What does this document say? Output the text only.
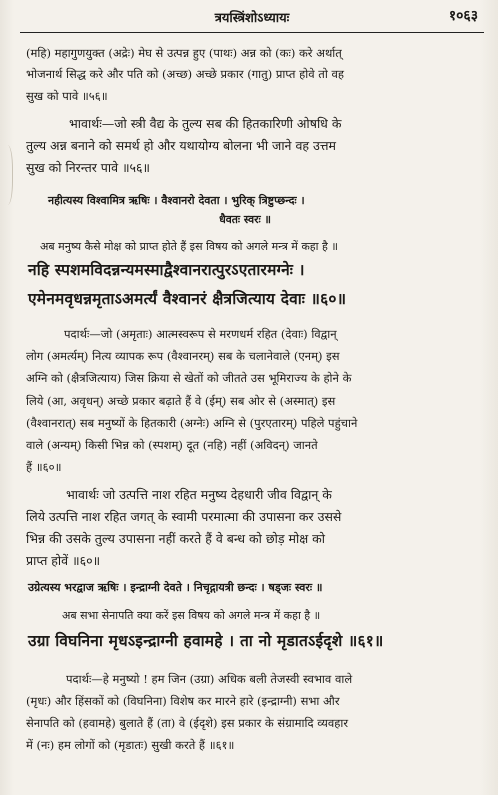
त्रयस्त्रिंशोऽध्यायः	१०६३
(महि) महागुणयुक्त (अद्रेः) मेघ से उत्पन्न हुए (पाथः) अन्न को (कः) करे अर्थात्
भोजनार्थ सिद्ध करे और पति को (अच्छ) अच्छे प्रकार (गातु) प्राप्त होवे तो वह
सुख को पावे ॥५६॥
भावार्थः—जो स्त्री वैद्य के तुल्य सब की हितकारिणी ओषधि के
तुल्य अन्न बनाने को समर्थ हो और यथायोग्य बोलना भी जाने वह उत्तम
सुख को निरन्तर पावे ॥५६॥
नहीत्यस्य विश्वामित्र ऋषिः । वैश्वानरो देवता । भुरिक् त्रिष्टुप्छन्दः ।
धैवतः स्वरः ॥
अब मनुष्य कैसे मोक्ष को प्राप्त होते हैं इस विषय को अगले मन्त्र में कहा है ॥
नहि स्पशमविदन्नन्यमस्माद्वैश्वानरात्पुरऽएतारमग्नेः ।
एमेनमवृधन्नमृताऽअमर्त्यं वैश्वानरं क्षैत्रजित्याय देवाः ॥६०॥
पदार्थः—जो (अमृताः) आत्मस्वरूप से मरणधर्म रहित (देवाः) विद्वान्
लोग (अमर्त्यम्) नित्य व्यापक रूप (वैश्वानरम्) सब के चलानेवाले (एनम्) इस
अग्नि को (क्षैत्रजित्याय) जिस क्रिया से खेतों को जीतते उस भूमिराज्य के होने के
लिये (आ, अवृधन्) अच्छे प्रकार बढ़ाते हैं वे (ईम्) सब ओर से (अस्मात्) इस
(वैश्वानरात्) सब मनुष्यों के हितकारी (अग्नेः) अग्नि से (पुरएतारम्) पहिले पहुंचाने
वाले (अन्यम्) किसी भिन्न को (स्पशम्) दूत (नहि) नहीं (अविदन्) जानते
हैं ॥६०॥
भावार्थः जो उत्पत्ति नाश रहित मनुष्य देहधारी जीव विद्वान् के
लिये उत्पत्ति नाश रहित जगत् के स्वामी परमात्मा की उपासना कर उससे
भिन्न की उसके तुल्य उपासना नहीं करते हैं वे बन्ध को छोड़ मोक्ष को
प्राप्त होवें ॥६०॥
उग्रेत्यस्य भरद्वाज ऋषिः । इन्द्राग्नी देवते । निचृद्गायत्री छन्दः । षड्जः स्वरः ॥
अब सभा सेनापति क्या करें इस विषय को अगले मन्त्र में कहा है ॥
उग्रा विघनिना मृधऽइन्द्राग्नी हवामहे । ता नो मृडातऽईदृशे ॥६१॥
पदार्थः—हे मनुष्यो ! हम जिन (उग्रा) अधिक बली तेजस्वी स्वभाव वाले
(मृधः) और हिंसकों को (विघनिना) विशेष कर मारने हारे (इन्द्राग्नी) सभा और
सेनापति को (हवामहे) बुलाते हैं (ता) वे (ईदृशे) इस प्रकार के संग्रामादि व्यवहार
में (नः) हम लोगों को (मृडातः) सुखी करते हैं ॥६१॥
